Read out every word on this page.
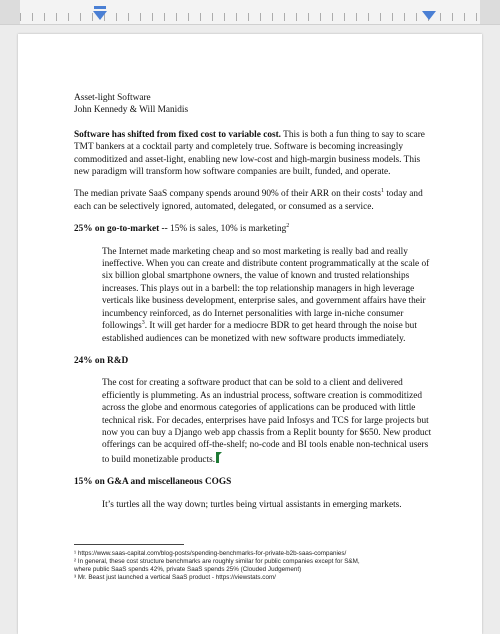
Asset-light Software
John Kennedy & Will Manidis

Software has shifted from fixed cost to variable cost. This is both a fun thing to say to scare
TMT bankers at a cocktail party and completely true. Software is becoming increasingly
commoditized and asset-light, enabling new low-cost and high-margin business models. This
new paradigm will transform how software companies are built, funded, and operate.

The median private SaaS company spends around 90% of their ARR on their costs$^1$ today and
each can be selectively ignored, automated, delegated, or consumed as a service.

25% on go-to-market -- 15% is sales, 10% is marketing$^2$

The Internet made marketing cheap and so most marketing is really bad and really
ineffective. When you can create and distribute content programmatically at the scale of
six billion global smartphone owners, the value of known and trusted relationships
increases. This plays out in a barbell: the top relationship managers in high leverage
verticals like business development, enterprise sales, and government affairs have their
incumbency reinforced, as do Internet personalities with large in-niche consumer
followings$^3$. It will get harder for a mediocre BDR to get heard through the noise but
established audiences can be monetized with new software products immediately.

24% on R&D

The cost for creating a software product that can be sold to a client and delivered
efficiently is plummeting. As an industrial process, software creation is commoditized
across the globe and enormous categories of applications can be produced with little
technical risk. For decades, enterprises have paid Infosys and TCS for large projects but
now you can buy a Django web app chassis from a Replit bounty for $650. New product
offerings can be acquired off-the-shelf; no-code and BI tools enable non-technical users
to build monetizable products.

15% on G&A and miscellaneous COGS

It’s turtles all the way down; turtles being virtual assistants in emerging markets.

¹ https://www.saas-capital.com/blog-posts/spending-benchmarks-for-private-b2b-saas-companies/
² In general, these cost structure benchmarks are roughly similar for public companies except for S&M,
where public SaaS spends 42%, private SaaS spends 25% (Clouded Judgement)
³ Mr. Beast just launched a vertical SaaS product - https://viewstats.com/
